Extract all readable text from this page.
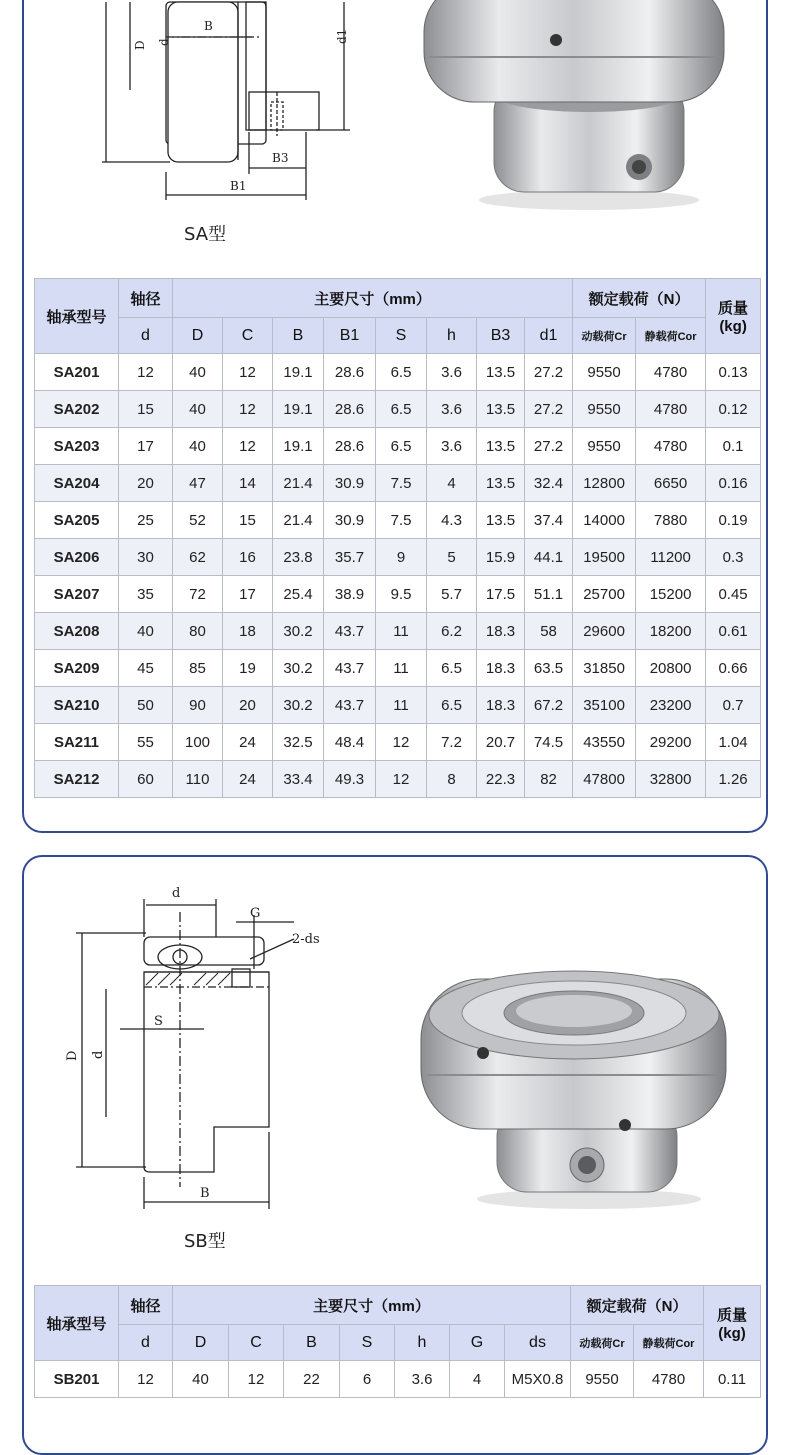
B
D d	d1
B3
B1
SA型
轴承型号	轴径	主要尺寸（mm）								额定载荷（N）		质量(kg)
	d	D	C	B	B1	S	h	B3	d1	动载荷Cr	静载荷Cor	
SA201	12	40	12	19.1	28.6	6.5	3.6	13.5	27.2	9550	4780	0.13
SA202	15	40	12	19.1	28.6	6.5	3.6	13.5	27.2	9550	4780	0.12
SA203	17	40	12	19.1	28.6	6.5	3.6	13.5	27.2	9550	4780	0.1
SA204	20	47	14	21.4	30.9	7.5	4	13.5	32.4	12800	6650	0.16
SA205	25	52	15	21.4	30.9	7.5	4.3	13.5	37.4	14000	7880	0.19
SA206	30	62	16	23.8	35.7	9	5	15.9	44.1	19500	11200	0.3
SA207	35	72	17	25.4	38.9	9.5	5.7	17.5	51.1	25700	15200	0.45
SA208	40	80	18	30.2	43.7	11	6.2	18.3	58	29600	18200	0.61
SA209	45	85	19	30.2	43.7	11	6.5	18.3	63.5	31850	20800	0.66
SA210	50	90	20	30.2	43.7	11	6.5	18.3	67.2	35100	23200	0.7
SA211	55	100	24	32.5	48.4	12	7.2	20.7	74.5	43550	29200	1.04
SA212	60	110	24	33.4	49.3	12	8	22.3	82	47800	32800	1.26
d
G
2-ds
S
D d
B
SB型
轴承型号	轴径	主要尺寸（mm）							额定载荷（N）		质量(kg)
	d	D	C	B	S	h	G	ds	动载荷Cr	静载荷Cor	
SB201	12	40	12	22	6	3.6	4	M5X0.8	9550	4780	0.11
